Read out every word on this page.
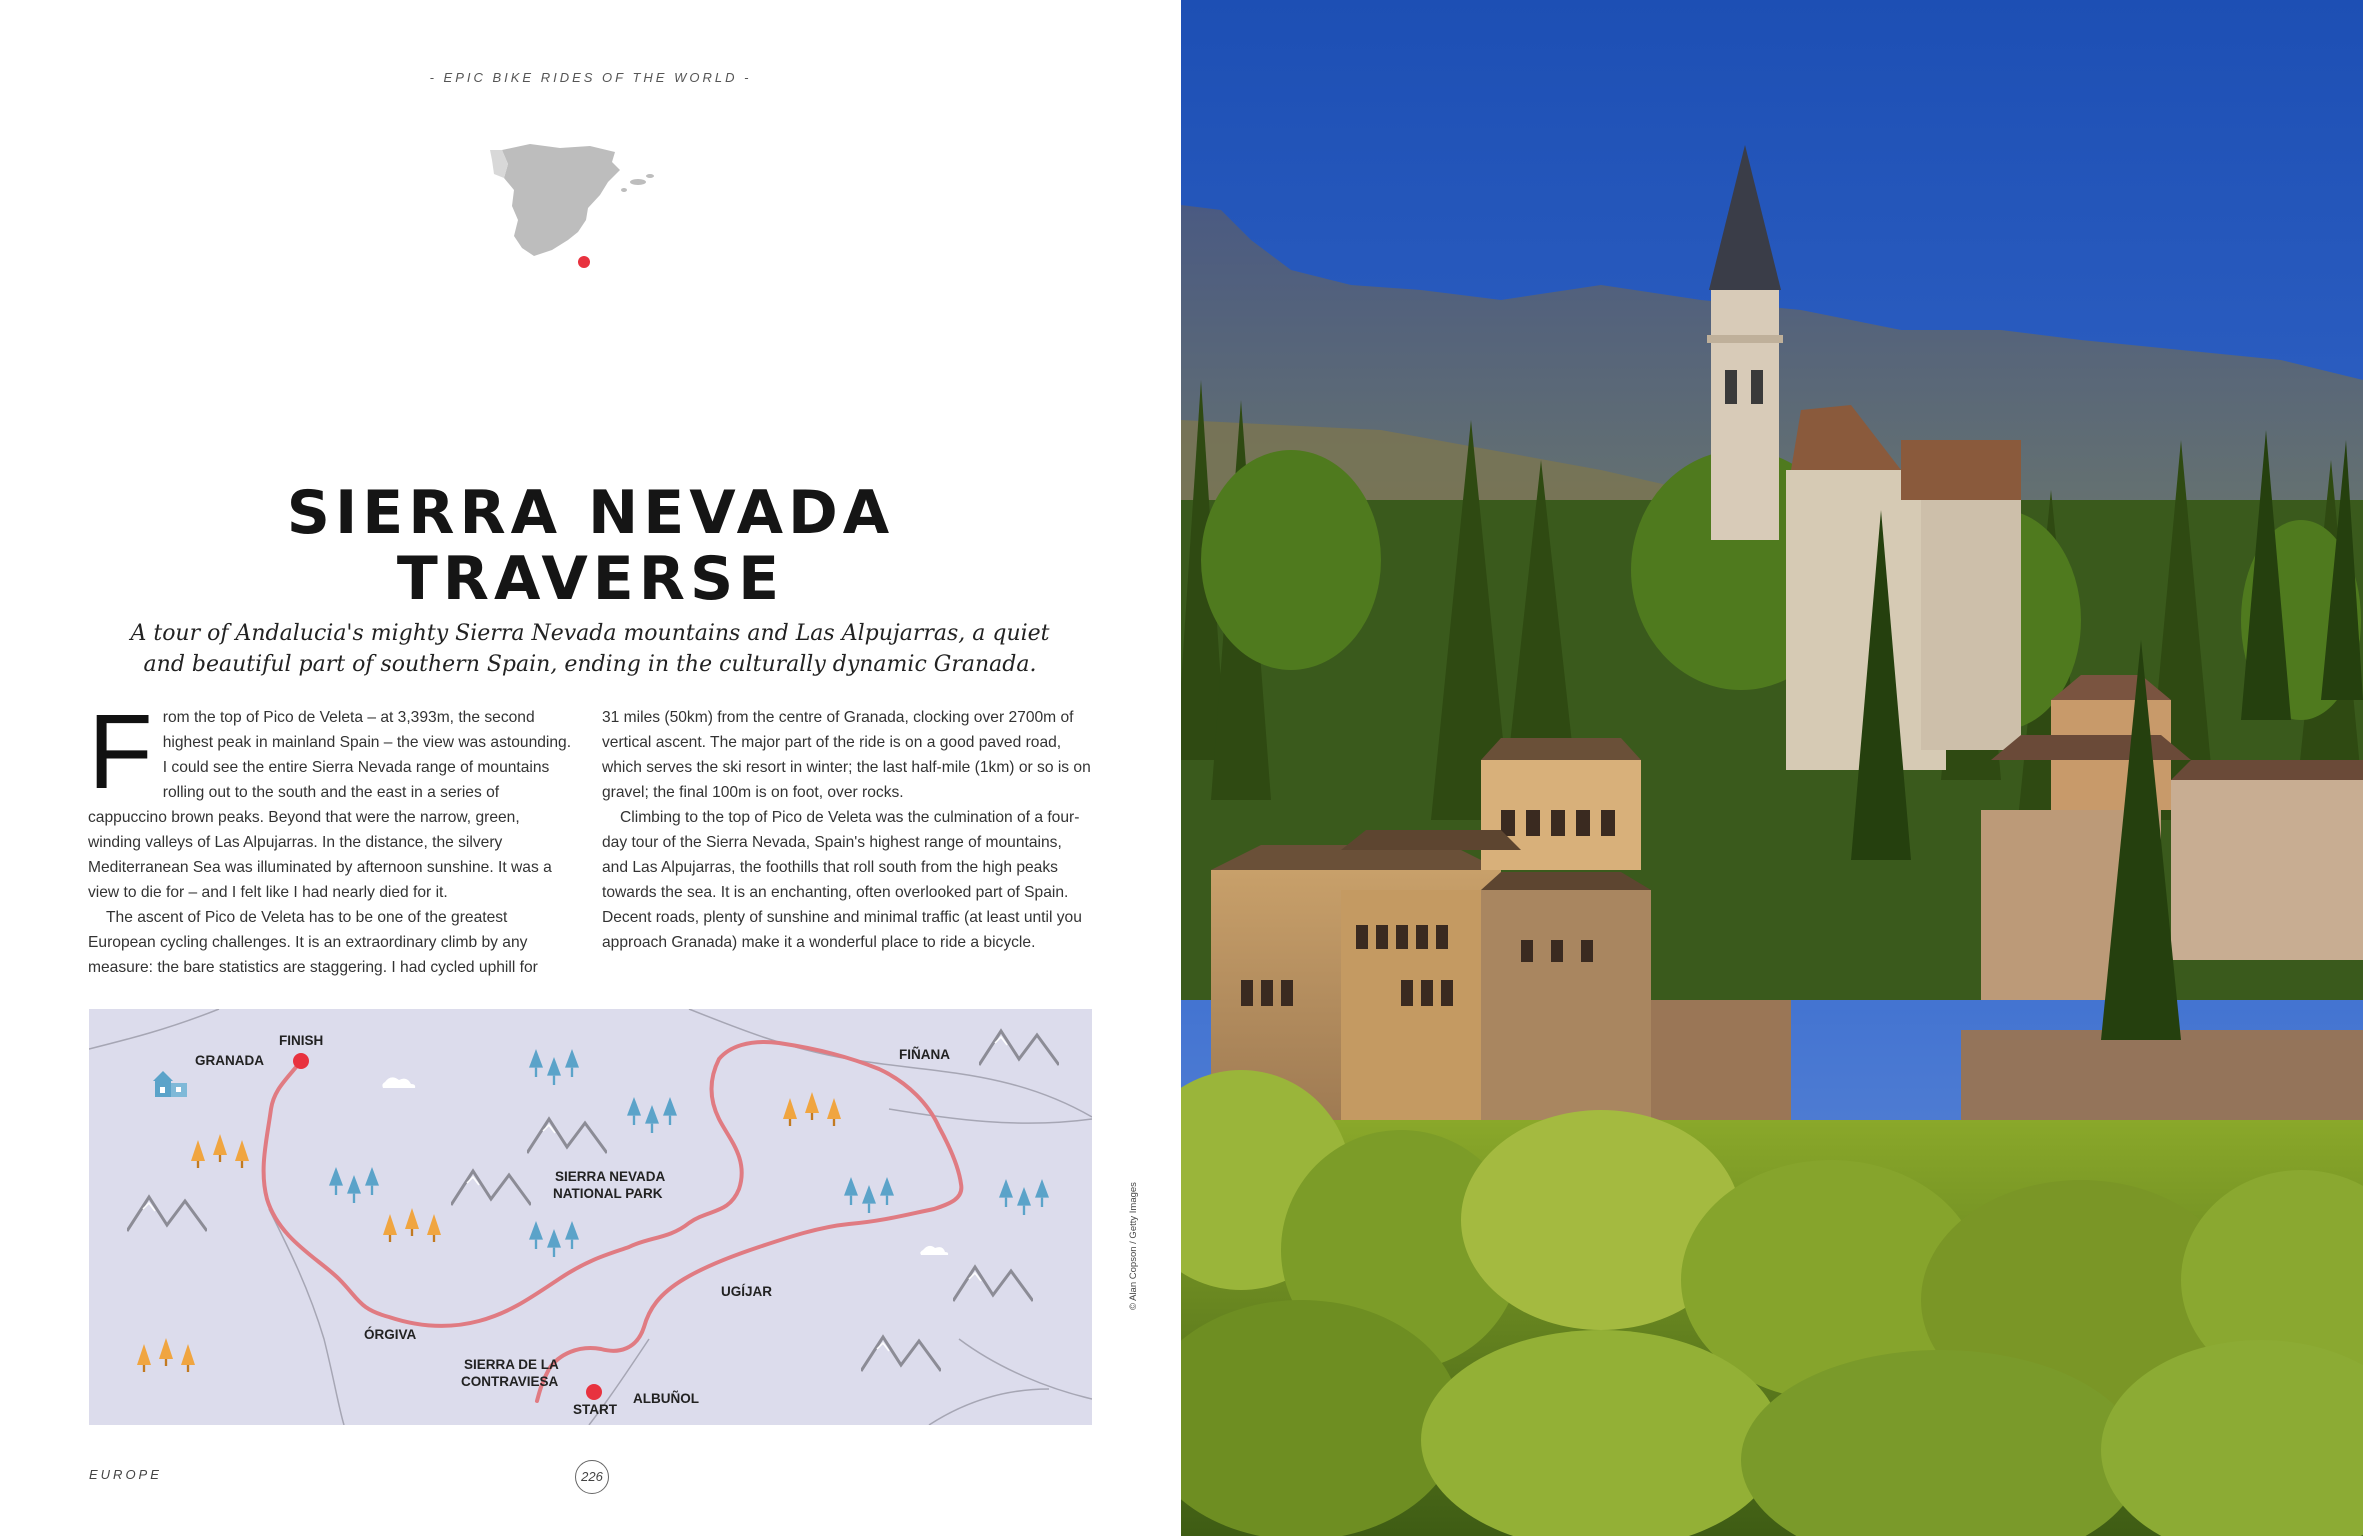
- EPIC BIKE RIDES OF THE WORLD -
SIERRA NEVADA
TRAVERSE
A tour of Andalucia's mighty Sierra Nevada mountains and Las Alpujarras, a quiet
and beautiful part of southern Spain, ending in the culturally dynamic Granada.
F rom the top of Pico de Veleta – at 3,393m, the second highest peak in mainland Spain – the view was astounding. I could see the entire Sierra Nevada range of mountains rolling out to the south and the east in a series of cappuccino brown peaks. Beyond that were the narrow, green, winding valleys of Las Alpujarras. In the distance, the silvery Mediterranean Sea was illuminated by afternoon sunshine. It was a view to die for – and I felt like I had nearly died for it.

The ascent of Pico de Veleta has to be one of the greatest European cycling challenges. It is an extraordinary climb by any measure: the bare statistics are staggering. I had cycled uphill for

31 miles (50km) from the centre of Granada, clocking over 2700m of vertical ascent. The major part of the ride is on a good paved road, which serves the ski resort in winter; the last half-mile (1km) or so is on gravel; the final 100m is on foot, over rocks.

Climbing to the top of Pico de Veleta was the culmination of a four-day tour of the Sierra Nevada, Spain's highest range of mountains, and Las Alpujarras, the foothills that roll south from the high peaks towards the sea. It is an enchanting, often overlooked part of Spain. Decent roads, plenty of sunshine and minimal traffic (at least until you approach Granada) make it a wonderful place to ride a bicycle.

GRANADA
FINISH
FIÑANA
SIERRA NEVADA
NATIONAL PARK
UGÍJAR
ÓRGIVA
SIERRA DE LA
CONTRAVIESA
START
ALBUÑOL
EUROPE	226
© Alan Copson / Getty Images
